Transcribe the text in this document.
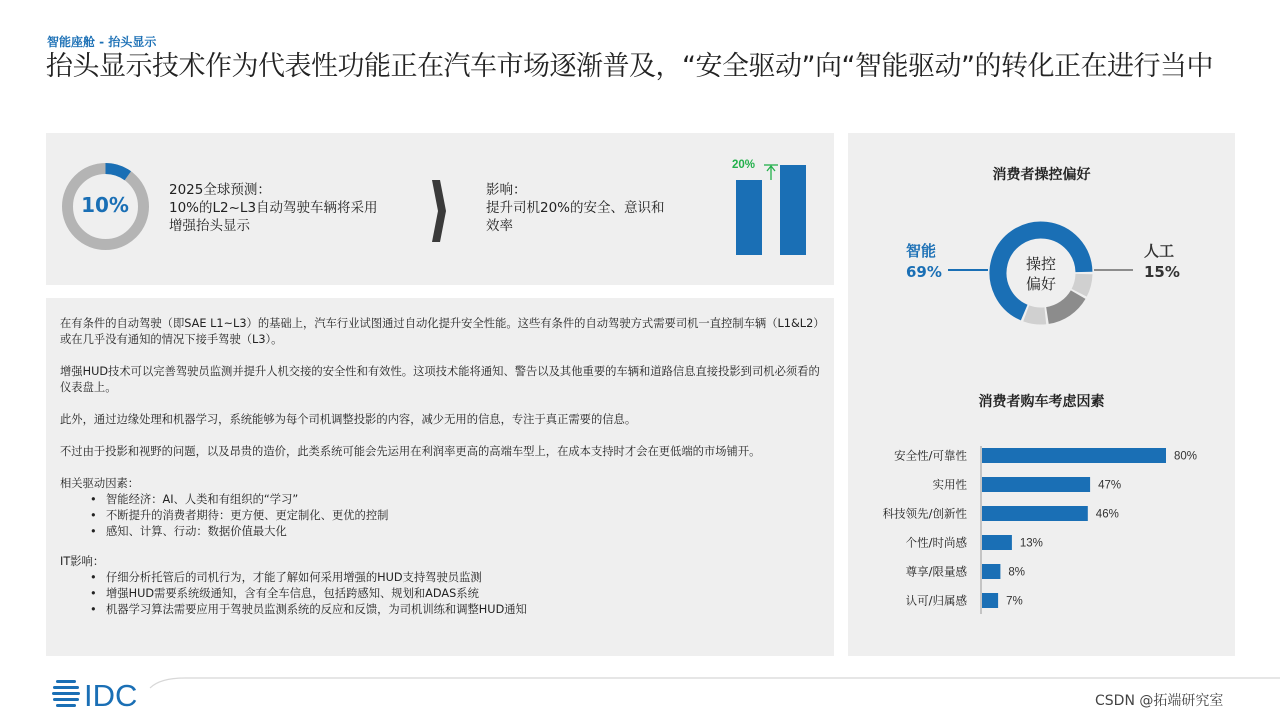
智能座舱 - 抬头显示
抬头显示技术作为代表性功能正在汽车市场逐渐普及，“安全驱动”向“智能驱动”的转化正在进行当中
10%
2025全球预测：
10%的L2~L3自动驾驶车辆将采用
增强抬头显示
影响：
提升司机20%的安全、意识和
效率
20%

在有条件的自动驾驶（即SAE L1~L3）的基础上，汽车行业试图通过自动化提升安全性能。这些有条件的自动驾驶方式需要司机一直控制车辆（L1&L2）或在几乎没有通知的情况下接手驾驶（L3）。

增强HUD技术可以完善驾驶员监测并提升人机交接的安全性和有效性。这项技术能将通知、警告以及其他重要的车辆和道路信息直接投影到司机必须看的仪表盘上。

此外，通过边缘处理和机器学习，系统能够为每个司机调整投影的内容，减少无用的信息，专注于真正需要的信息。

不过由于投影和视野的问题，以及昂贵的造价，此类系统可能会先运用在利润率更高的高端车型上，在成本支持时才会在更低端的市场铺开。

相关驱动因素：
• 智能经济：AI、人类和有组织的“学习”
• 不断提升的消费者期待：更方便、更定制化、更优的控制
• 感知、计算、行动：数据价值最大化
IT影响：
• 仔细分析托管后的司机行为，才能了解如何采用增强的HUD支持驾驶员监测
• 增强HUD需要系统级通知，含有全车信息，包括跨感知、规划和ADAS系统
• 机器学习算法需要应用于驾驶员监测系统的反应和反馈，为司机训练和调整HUD通知
消费者操控偏好
智能
69%
人工
15%
操控
偏好
消费者购车考虑因素
安全性/可靠性	80%
实用性	47%
科技领先/创新性	46%
个性/时尚感	13%
尊享/限量感	8%
认可/归属感	7%
IDC	CSDN @拓端研究室
